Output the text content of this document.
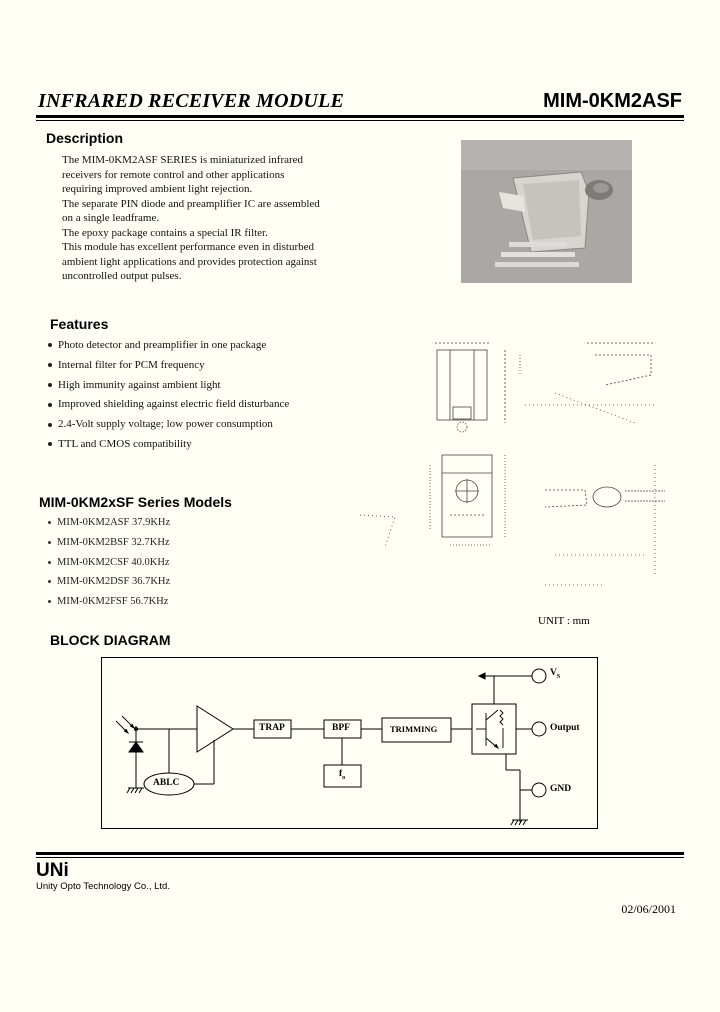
INFRARED RECEIVER MODULE	MIM-0KM2ASF
Description
The MIM-0KM2ASF SERIES is miniaturized infrared
receivers for remote control and other applications
requiring improved ambient light rejection.
The separate PIN diode and preamplifier IC are assembled
on a single leadframe.
The epoxy package contains a special IR filter.
This module has excellent performance even in disturbed
ambient light applications and provides protection against
uncontrolled output pulses.
Features
Photo detector and preamplifier in one package
Internal filter for PCM frequency
High immunity against ambient light
Improved shielding against electric field disturbance
2.4-Volt supply voltage; low power consumption
TTL and CMOS compatibility
MIM-0KM2xSF Series Models
MIM-0KM2ASF 37.9KHz
MIM-0KM2BSF 32.7KHz
MIM-0KM2CSF 40.0KHz
MIM-0KM2DSF 36.7KHz
MIM-0KM2FSF 56.7KHz
UNIT : mm
BLOCK DIAGRAM
ABLC
TRAP	BPF	TRIMMING
$f_o$
$V_S$
Output
GND
UNi
Unity Opto Technology Co., Ltd.
02/06/2001
